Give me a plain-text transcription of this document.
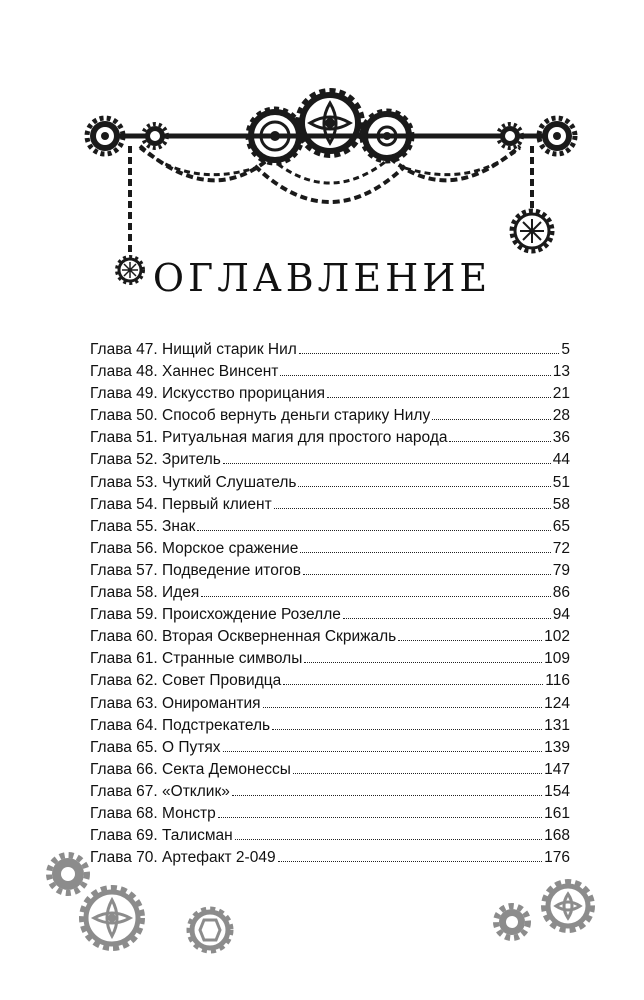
ОГЛАВЛЕНИЕ
Глава 47. Нищий старик Нил	5
Глава 48. Ханнес Винсент	13
Глава 49. Искусство прорицания	21
Глава 50. Способ вернуть деньги старику Нилу	28
Глава 51. Ритуальная магия для простого народа	36
Глава 52. Зритель	44
Глава 53. Чуткий Слушатель	51
Глава 54. Первый клиент	58
Глава 55. Знак	65
Глава 56. Морское сражение	72
Глава 57. Подведение итогов	79
Глава 58. Идея	86
Глава 59. Происхождение Розелле	94
Глава 60. Вторая Оскверненная Скрижаль	102
Глава 61. Странные символы	109
Глава 62. Совет Провидца	116
Глава 63. Ониромантия	124
Глава 64. Подстрекатель	131
Глава 65. О Путях	139
Глава 66. Секта Демонессы	147
Глава 67. «Отклик»	154
Глава 68. Монстр	161
Глава 69. Талисман	168
Глава 70. Артефакт 2-049	176
